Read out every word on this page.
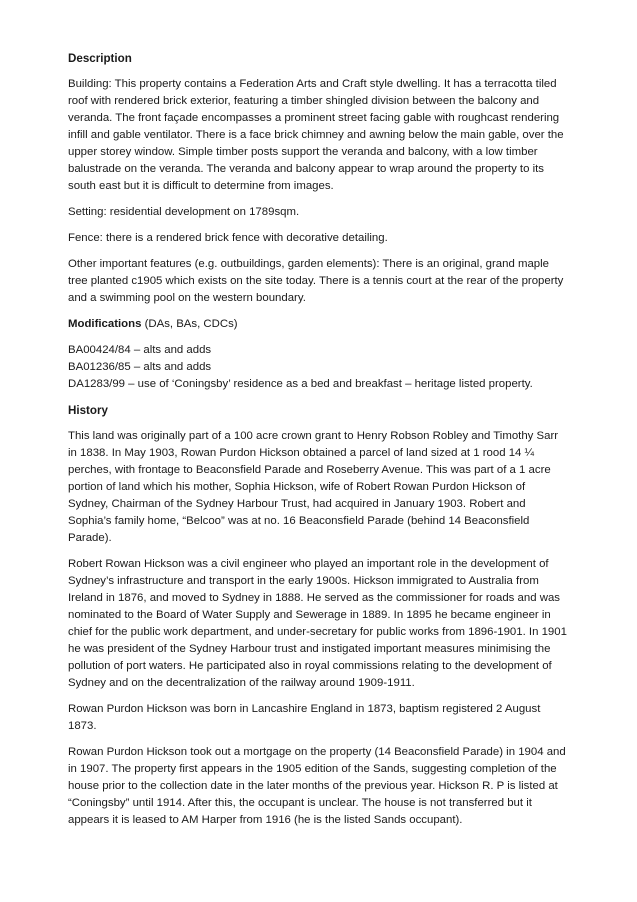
Description

Building: This property contains a Federation Arts and Craft style dwelling. It has a terracotta tiled roof with rendered brick exterior, featuring a timber shingled division between the balcony and veranda. The front façade encompasses a prominent street facing gable with roughcast rendering infill and gable ventilator. There is a face brick chimney and awning below the main gable, over the upper storey window. Simple timber posts support the veranda and balcony, with a low timber balustrade on the veranda. The veranda and balcony appear to wrap around the property to its south east but it is difficult to determine from images.

Setting: residential development on 1789sqm.

Fence: there is a rendered brick fence with decorative detailing.

Other important features (e.g. outbuildings, garden elements): There is an original, grand maple tree planted c1905 which exists on the site today. There is a tennis court at the rear of the property and a swimming pool on the western boundary.

Modifications (DAs, BAs, CDCs)
BA00424/84 – alts and adds
BA01236/85 – alts and adds
DA1283/99 – use of ‘Coningsby’ residence as a bed and breakfast – heritage listed property.
History

This land was originally part of a 100 acre crown grant to Henry Robson Robley and Timothy Sarr in 1838. In May 1903, Rowan Purdon Hickson obtained a parcel of land sized at 1 rood 14 ¼ perches, with frontage to Beaconsfield Parade and Roseberry Avenue. This was part of a 1 acre portion of land which his mother, Sophia Hickson, wife of Robert Rowan Purdon Hickson of Sydney, Chairman of the Sydney Harbour Trust, had acquired in January 1903. Robert and Sophia’s family home, “Belcoo” was at no. 16 Beaconsfield Parade (behind 14 Beaconsfield Parade).

Robert Rowan Hickson was a civil engineer who played an important role in the development of Sydney’s infrastructure and transport in the early 1900s. Hickson immigrated to Australia from Ireland in 1876, and moved to Sydney in 1888. He served as the commissioner for roads and was nominated to the Board of Water Supply and Sewerage in 1889. In 1895 he became engineer in chief for the public work department, and under-secretary for public works from 1896-1901. In 1901 he was president of the Sydney Harbour trust and instigated important measures minimising the pollution of port waters. He participated also in royal commissions relating to the development of Sydney and on the decentralization of the railway around 1909-1911.

Rowan Purdon Hickson was born in Lancashire England in 1873, baptism registered 2 August 1873.

Rowan Purdon Hickson took out a mortgage on the property (14 Beaconsfield Parade) in 1904 and in 1907. The property first appears in the 1905 edition of the Sands, suggesting completion of the house prior to the collection date in the later months of the previous year. Hickson R. P is listed at “Coningsby” until 1914. After this, the occupant is unclear. The house is not transferred but it appears it is leased to AM Harper from 1916 (he is the listed Sands occupant).
